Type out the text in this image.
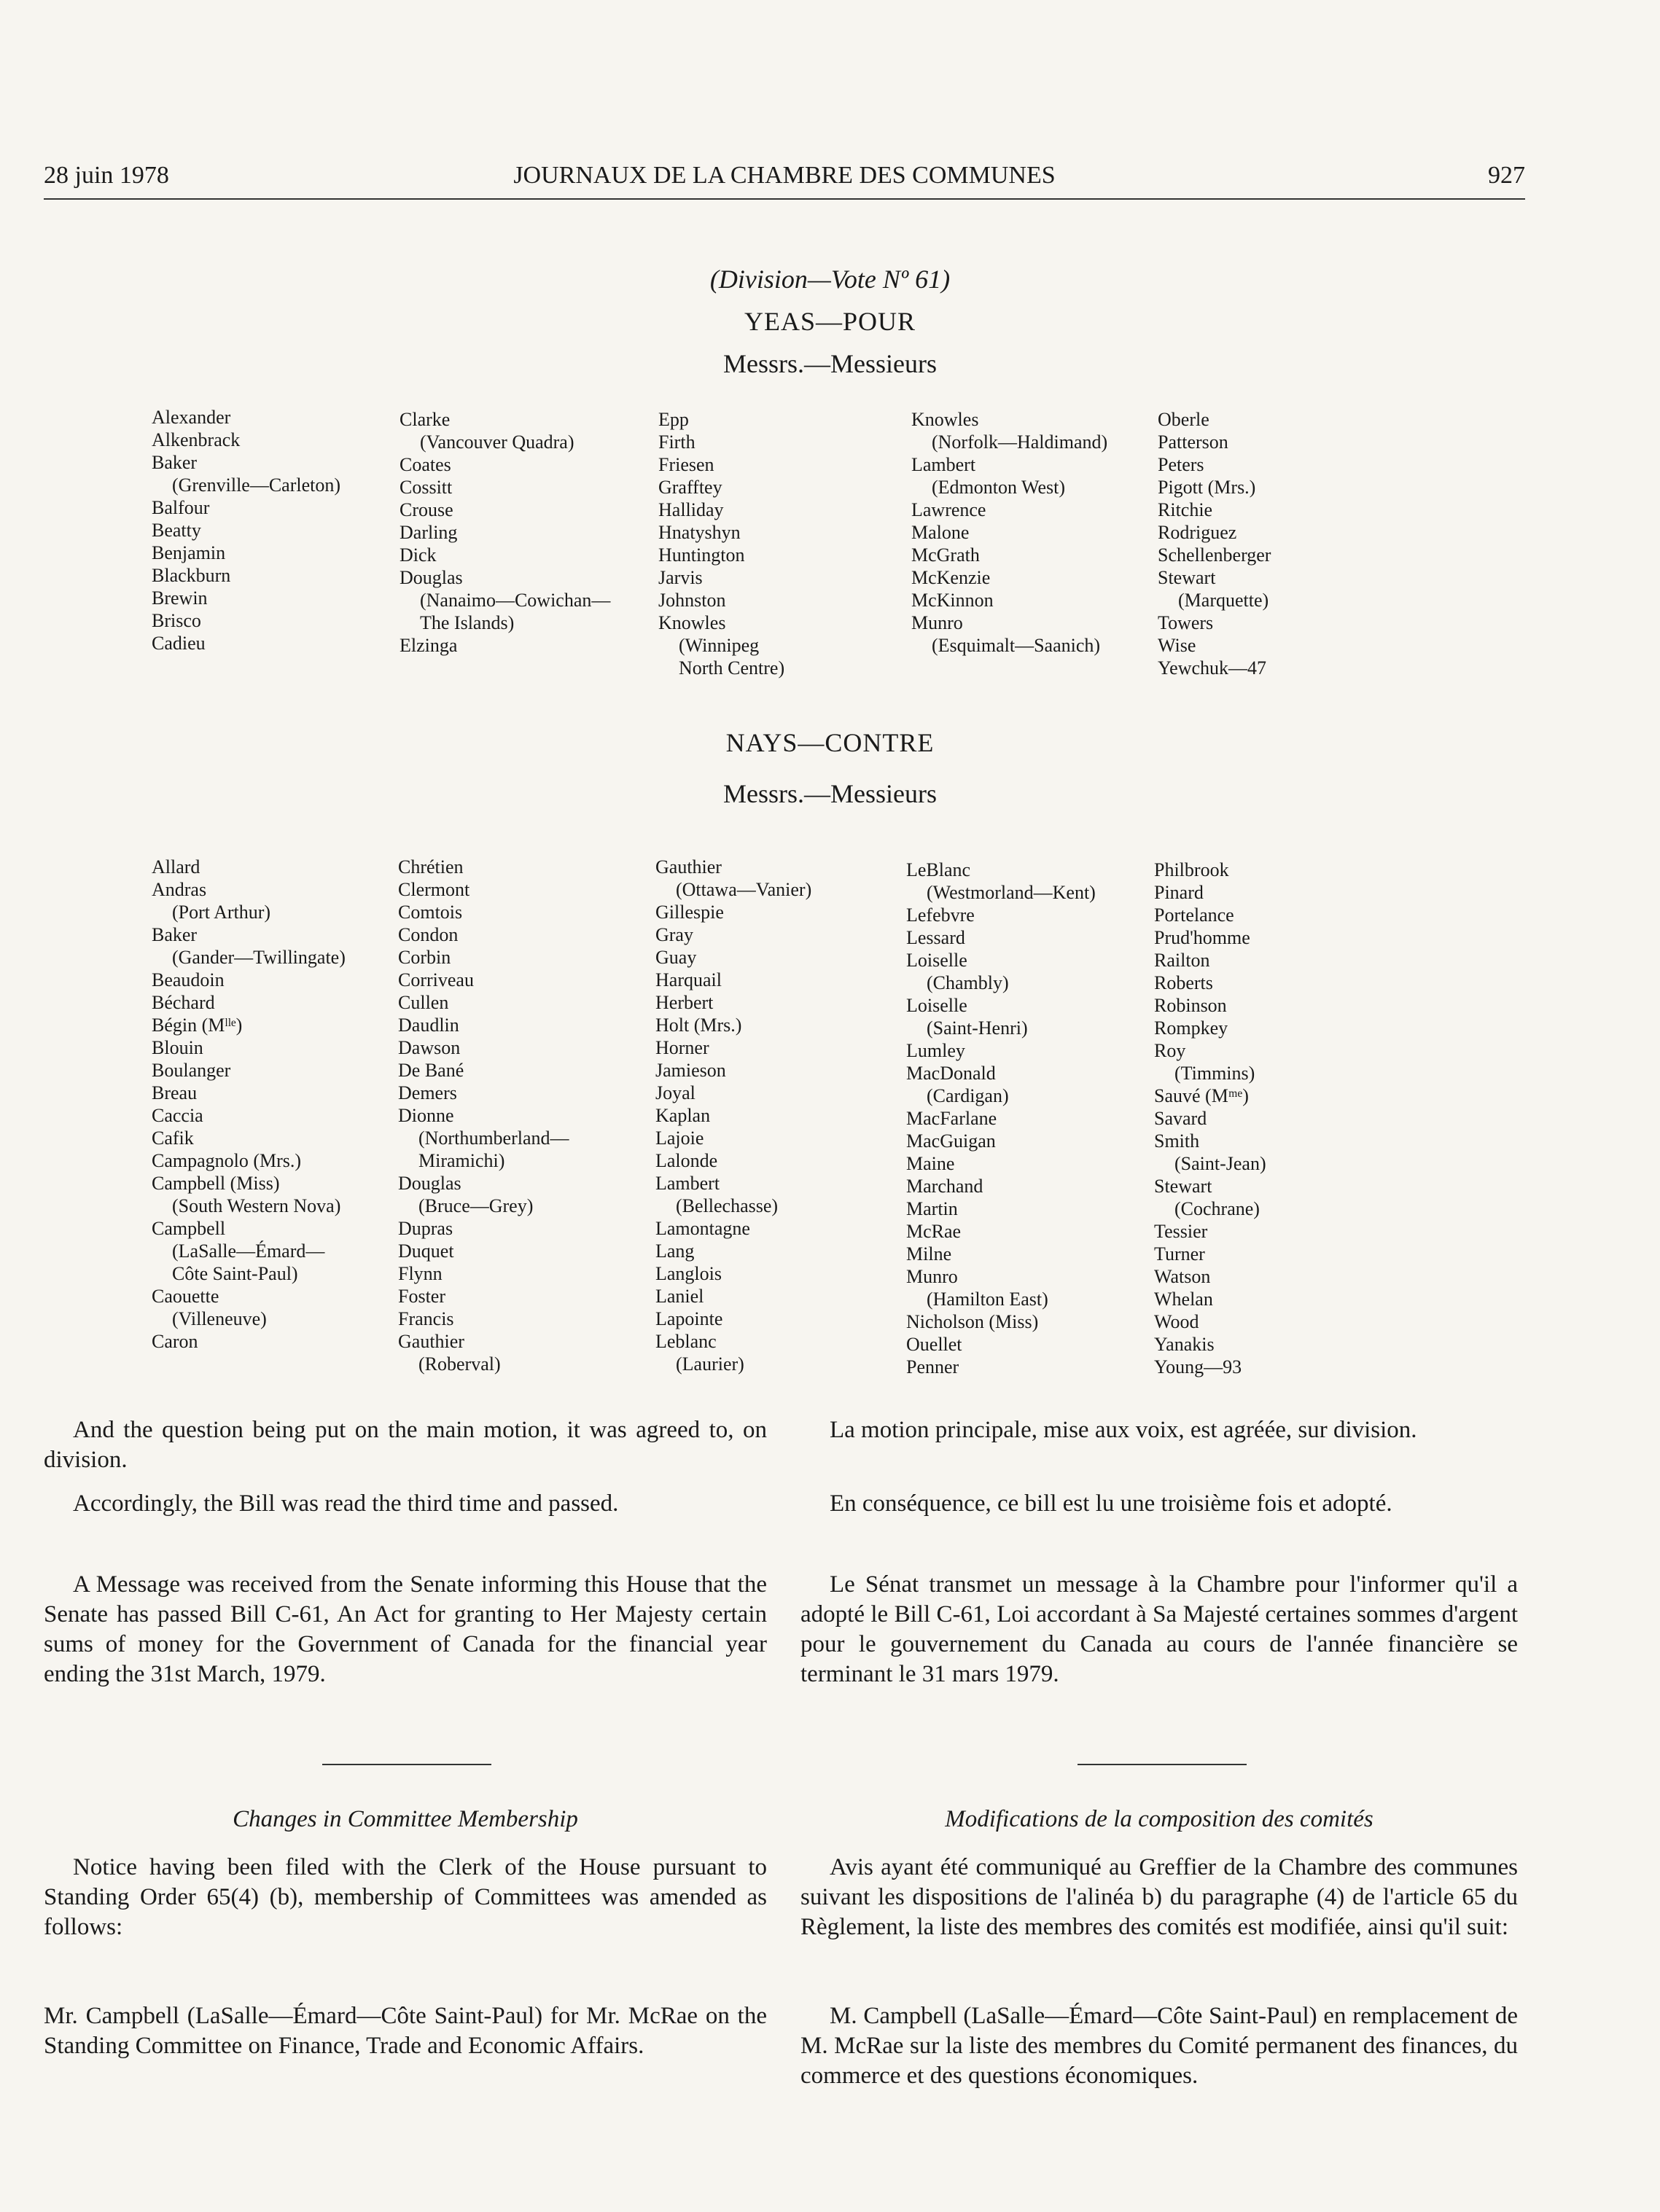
28 juin 1978	JOURNAUX DE LA CHAMBRE DES COMMUNES	927
(Division—Vote Nº 61)
YEAS—POUR
Messrs.—Messieurs
Alexander
Alkenbrack
Baker
(Grenville—Carleton)
Balfour
Beatty
Benjamin
Blackburn
Brewin
Brisco
Cadieu
Clarke
(Vancouver Quadra)
Coates
Cossitt
Crouse
Darling
Dick
Douglas
(Nanaimo—Cowichan—
The Islands)
Elzinga
Epp
Firth
Friesen
Grafftey
Halliday
Hnatyshyn
Huntington
Jarvis
Johnston
Knowles
(Winnipeg
North Centre)
Knowles
(Norfolk—Haldimand)
Lambert
(Edmonton West)
Lawrence
Malone
McGrath
McKenzie
McKinnon
Munro
(Esquimalt—Saanich)
Oberle
Patterson
Peters
Pigott (Mrs.)
Ritchie
Rodriguez
Schellenberger
Stewart
(Marquette)
Towers
Wise
Yewchuk—47
NAYS—CONTRE
Messrs.—Messieurs
Allard
Andras
(Port Arthur)
Baker
(Gander—Twillingate)
Beaudoin
Béchard
Bégin (Mˡˡᵉ)
Blouin
Boulanger
Breau
Caccia
Cafik
Campagnolo (Mrs.)
Campbell (Miss)
(South Western Nova)
Campbell
(LaSalle—Émard—
Côte Saint-Paul)
Caouette
(Villeneuve)
Caron
Chrétien
Clermont
Comtois
Condon
Corbin
Corriveau
Cullen
Daudlin
Dawson
De Bané
Demers
Dionne
(Northumberland—
Miramichi)
Douglas
(Bruce—Grey)
Dupras
Duquet
Flynn
Foster
Francis
Gauthier
(Roberval)
Gauthier
(Ottawa—Vanier)
Gillespie
Gray
Guay
Harquail
Herbert
Holt (Mrs.)
Horner
Jamieson
Joyal
Kaplan
Lajoie
Lalonde
Lambert
(Bellechasse)
Lamontagne
Lang
Langlois
Laniel
Lapointe
Leblanc
(Laurier)
LeBlanc
(Westmorland—Kent)
Lefebvre
Lessard
Loiselle
(Chambly)
Loiselle
(Saint-Henri)
Lumley
MacDonald
(Cardigan)
MacFarlane
MacGuigan
Maine
Marchand
Martin
McRae
Milne
Munro
(Hamilton East)
Nicholson (Miss)
Ouellet
Penner
Philbrook
Pinard
Portelance
Prud'homme
Railton
Roberts
Robinson
Rompkey
Roy
(Timmins)
Sauvé (Mᵐᵉ)
Savard
Smith
(Saint-Jean)
Stewart
(Cochrane)
Tessier
Turner
Watson
Whelan
Wood
Yanakis
Young—93

And the question being put on the main motion, it was agreed to, on division.

Accordingly, the Bill was read the third time and passed.

A Message was received from the Senate informing this House that the Senate has passed Bill C-61, An Act for granting to Her Majesty certain sums of money for the Government of Canada for the financial year ending the 31st March, 1979.

Changes in Committee Membership

Notice having been filed with the Clerk of the House pursuant to Standing Order 65(4) (b), membership of Committees was amended as follows:

Mr. Campbell (LaSalle—Émard—Côte Saint-Paul) for Mr. McRae on the Standing Committee on Finance, Trade and Economic Affairs.

La motion principale, mise aux voix, est agréée, sur division.

En conséquence, ce bill est lu une troisième fois et adopté.

Le Sénat transmet un message à la Chambre pour l'informer qu'il a adopté le Bill C-61, Loi accordant à Sa Majesté certaines sommes d'argent pour le gouvernement du Canada au cours de l'année financière se terminant le 31 mars 1979.

Modifications de la composition des comités

Avis ayant été communiqué au Greffier de la Chambre des communes suivant les dispositions de l'alinéa b) du paragraphe (4) de l'article 65 du Règlement, la liste des membres des comités est modifiée, ainsi qu'il suit:

M. Campbell (LaSalle—Émard—Côte Saint-Paul) en remplacement de M. McRae sur la liste des membres du Comité permanent des finances, du commerce et des questions économiques.
